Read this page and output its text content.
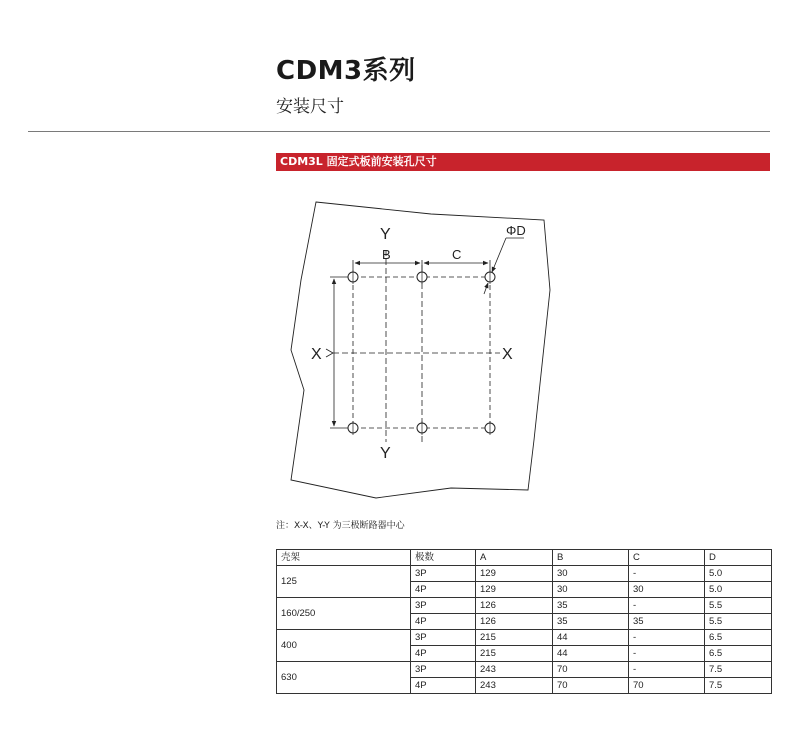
CDM3系列
安装尺寸
CDM3L 固定式板前安装孔尺寸
Y
Y
X	X
B	C
ΦD
注：X-X、Y-Y 为三极断路器中心
壳架	极数	A	B	C	D
125	3P	129	30	-	5.0
	4P	129	30	30	5.0
160/250	3P	126	35	-	5.5
	4P	126	35	35	5.5
400	3P	215	44	-	6.5
	4P	215	44	-	6.5
630	3P	243	70	-	7.5
	4P	243	70	70	7.5
